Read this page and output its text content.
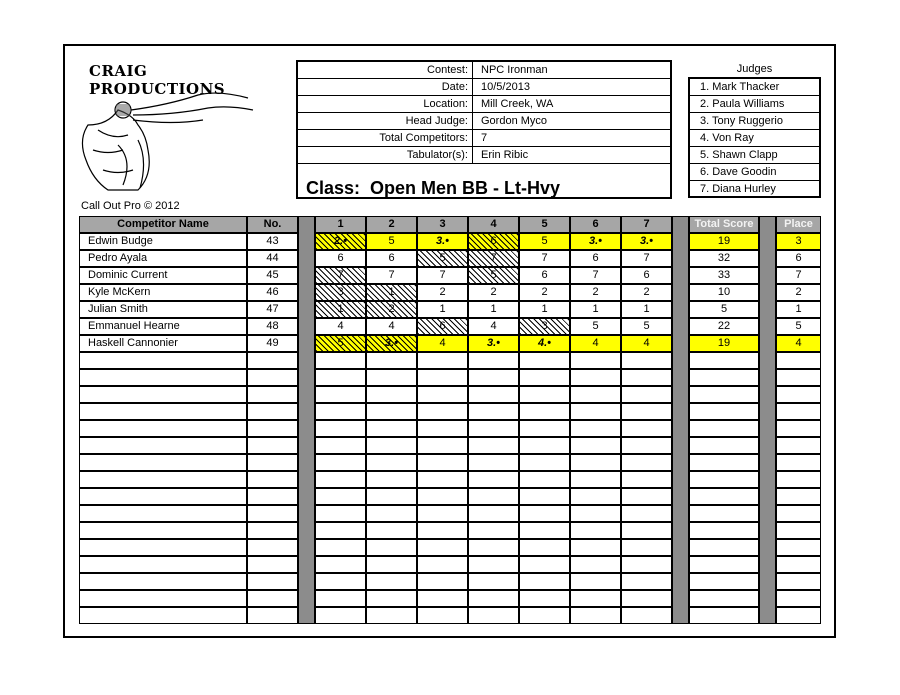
CRAIG
PRODUCTIONS
Call Out Pro © 2012
Contest:	NPC Ironman
Date:	10/5/2013
Location:	Mill Creek, WA
Head Judge:	Gordon Myco
Total Competitors:	7
Tabulator(s):	Erin Ribic
Class: Open Men BB - Lt-Hvy
Judges
1. Mark Thacker
2. Paula Williams
3. Tony Ruggerio
4. Von Ray
5. Shawn Clapp
6. Dave Goodin
7. Diana Hurley
Competitor Name	No.	1	2	3	4	5	6	7	Total Score	Place
Edwin Budge	43	2.•	5	3.•	6	5	3.•	3.•	19	3
Pedro Ayala	44	6	6	5	7	7	6	7	32	6
Dominic Current	45	7	7	7	5	6	7	6	33	7
Kyle McKern	46	3	1	2	2	2	2	2	10	2
Julian Smith	47	1	2	1	1	1	1	1	5	1
Emmanuel Hearne	48	4	4	6	4	3	5	5	22	5
Haskell Cannonier	49	5	3.•	4	3.•	4.•	4	4	19	4
